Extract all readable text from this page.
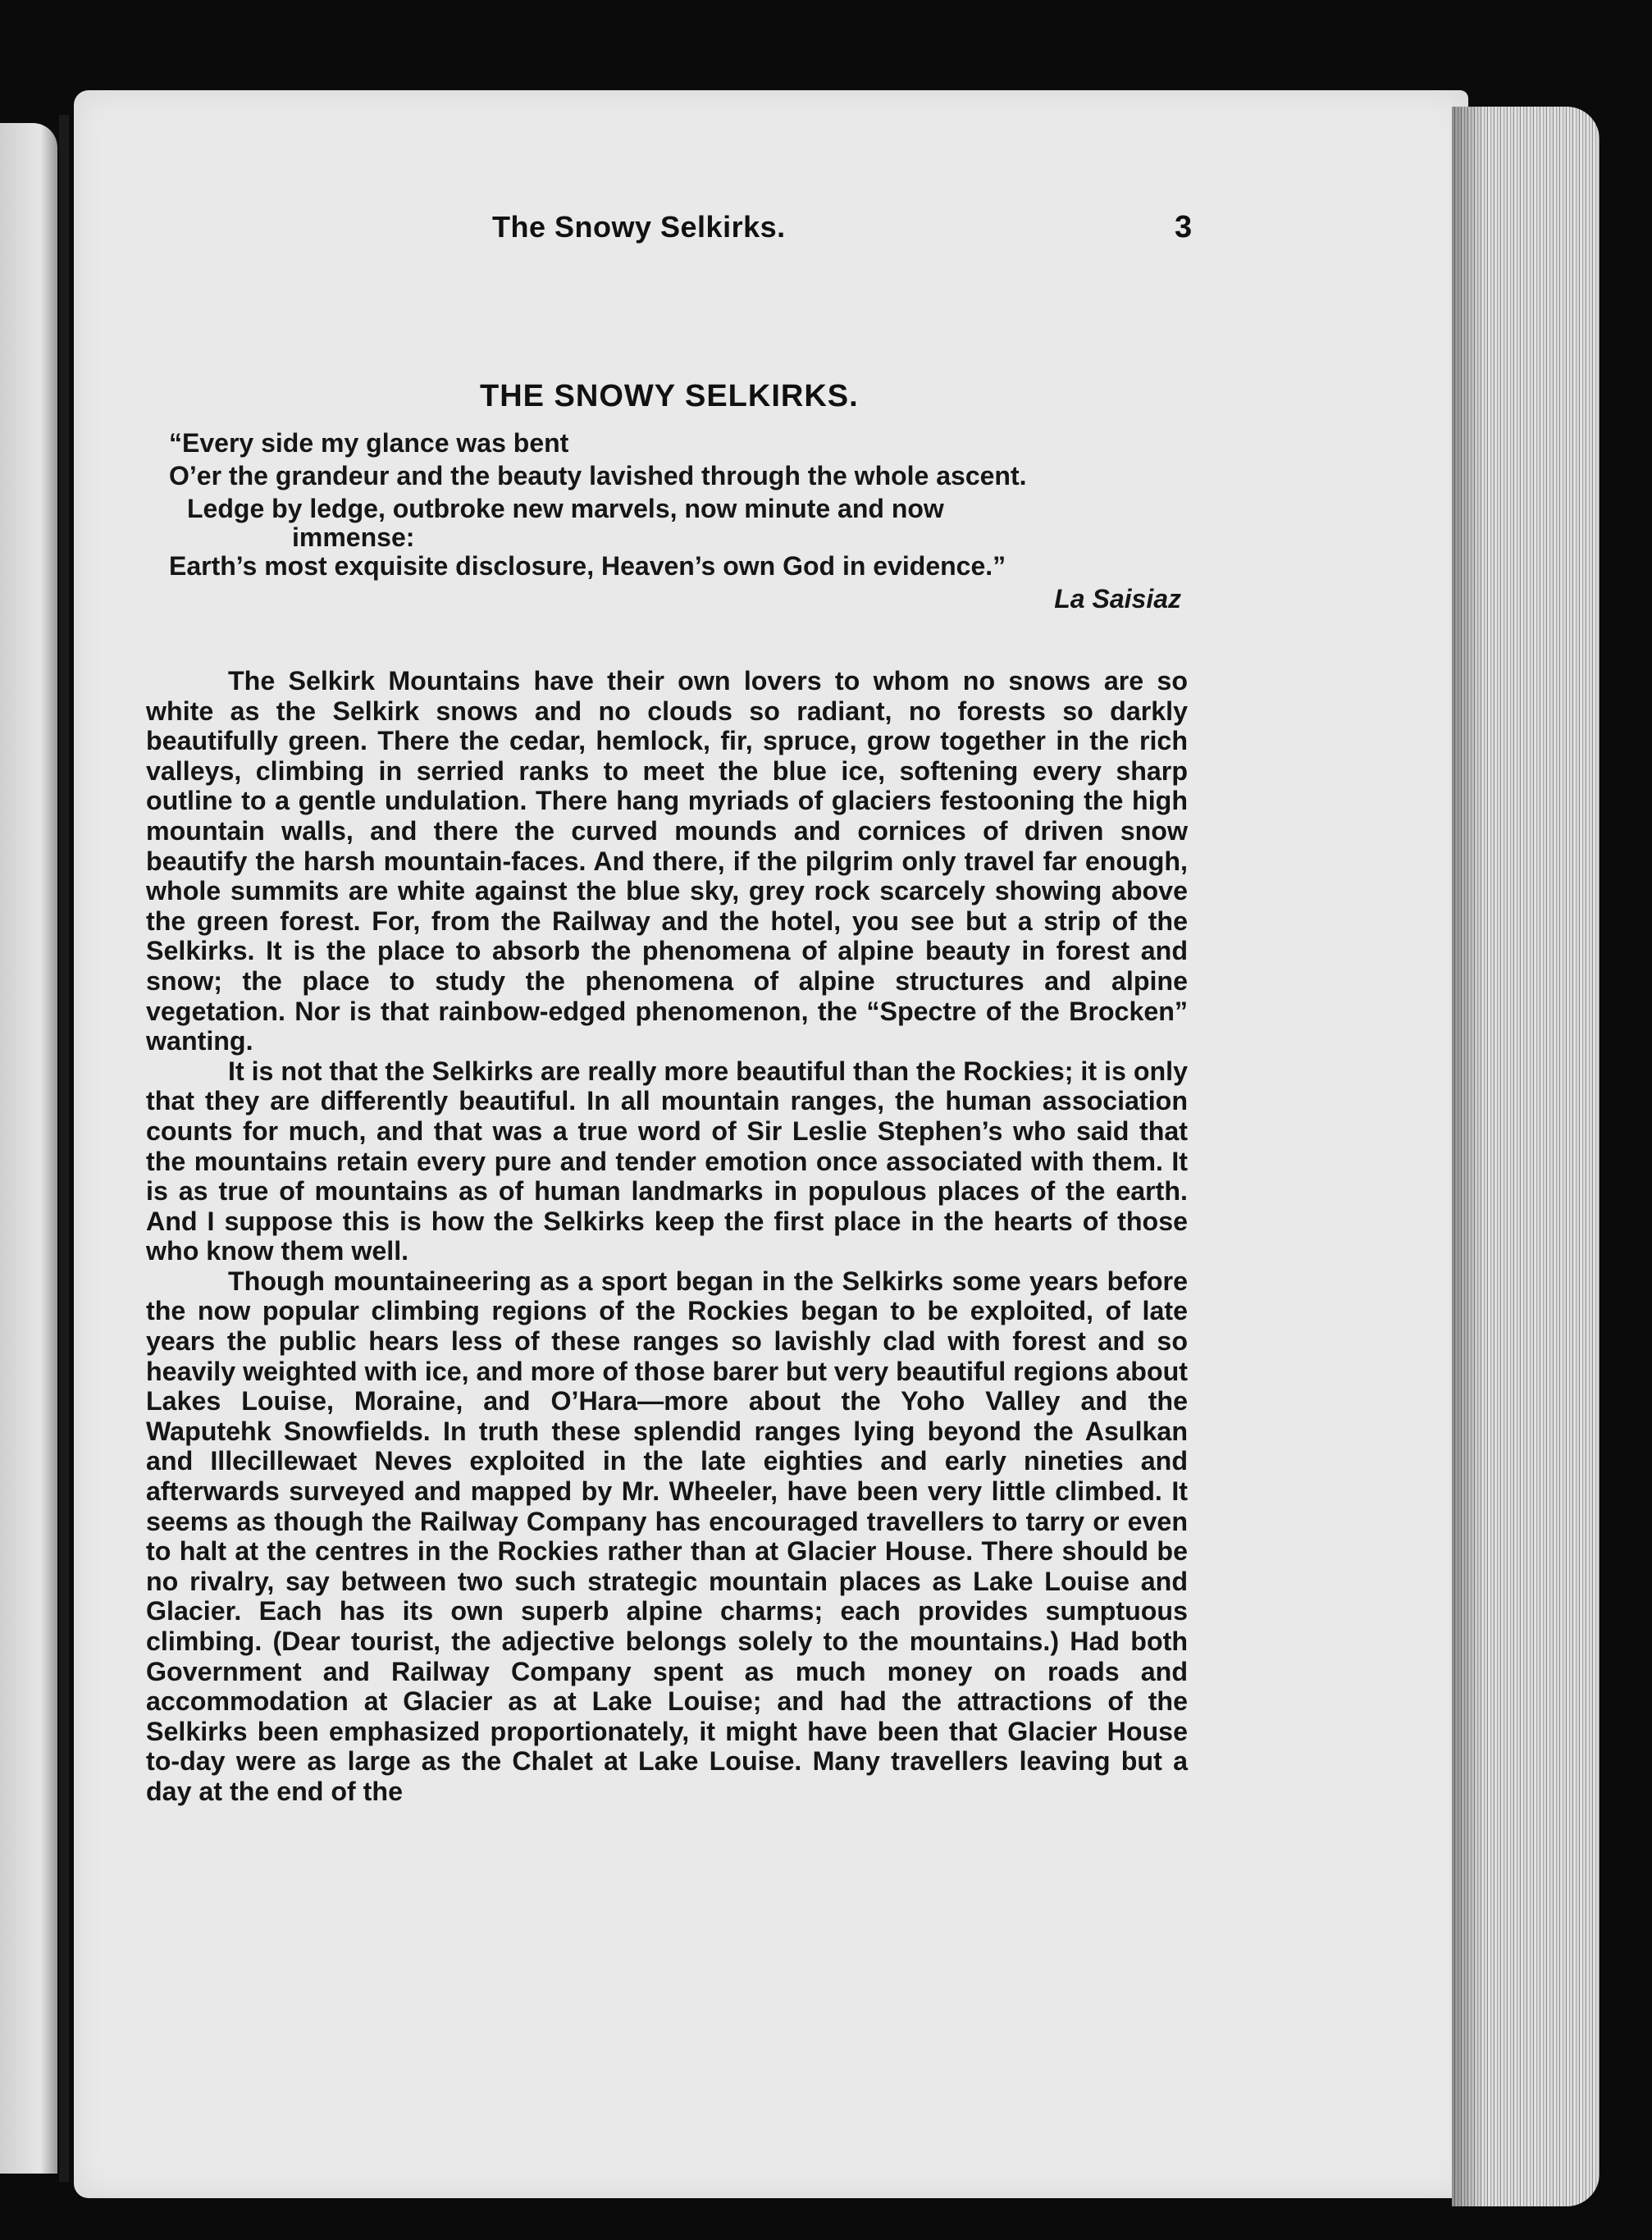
The Snowy Selkirks.	3
THE SNOWY SELKIRKS.
“Every side my glance was bent
O’er the grandeur and the beauty lavished through the whole ascent.
Ledge by ledge, outbroke new marvels, now minute and now
immense:
Earth’s most exquisite disclosure, Heaven’s own God in evidence.”
La Saisiaz

The Selkirk Mountains have their own lovers to whom no snows are so white as the Selkirk snows and no clouds so radiant, no forests so darkly beautifully green. There the cedar, hemlock, fir, spruce, grow together in the rich valleys, climbing in serried ranks to meet the blue ice, softening every sharp outline to a gentle undulation. There hang myriads of glaciers festooning the high mountain walls, and there the curved mounds and cornices of driven snow beautify the harsh mountain-faces. And there, if the pilgrim only travel far enough, whole summits are white against the blue sky, grey rock scarcely showing above the green forest. For, from the Railway and the hotel, you see but a strip of the Selkirks. It is the place to absorb the phenomena of alpine beauty in forest and snow; the place to study the phenomena of alpine structures and alpine vegetation. Nor is that rainbow-edged phenomenon, the “Spectre of the Brocken” wanting.

It is not that the Selkirks are really more beautiful than the Rockies; it is only that they are differently beautiful. In all mountain ranges, the human association counts for much, and that was a true word of Sir Leslie Stephen’s who said that the mountains retain every pure and tender emotion once associated with them. It is as true of mountains as of human landmarks in populous places of the earth. And I suppose this is how the Selkirks keep the first place in the hearts of those who know them well.

Though mountaineering as a sport began in the Selkirks some years before the now popular climbing regions of the Rockies began to be exploited, of late years the public hears less of these ranges so lavishly clad with forest and so heavily weighted with ice, and more of those barer but very beautiful regions about Lakes Louise, Moraine, and O’Hara—more about the Yoho Valley and the Waputehk Snowfields. In truth these splendid ranges lying beyond the Asulkan and Illecillewaet Neves exploited in the late eighties and early nineties and afterwards surveyed and mapped by Mr. Wheeler, have been very little climbed. It seems as though the Railway Company has encouraged travellers to tarry or even to halt at the centres in the Rockies rather than at Glacier House. There should be no rivalry, say between two such strategic mountain places as Lake Louise and Glacier. Each has its own superb alpine charms; each provides sumptuous climbing. (Dear tourist, the adjective belongs solely to the mountains.) Had both Government and Railway Company spent as much money on roads and accommodation at Glacier as at Lake Louise; and had the attractions of the Selkirks been emphasized proportionately, it might have been that Glacier House to-day were as large as the Chalet at Lake Louise. Many travellers leaving but a day at the end of the
